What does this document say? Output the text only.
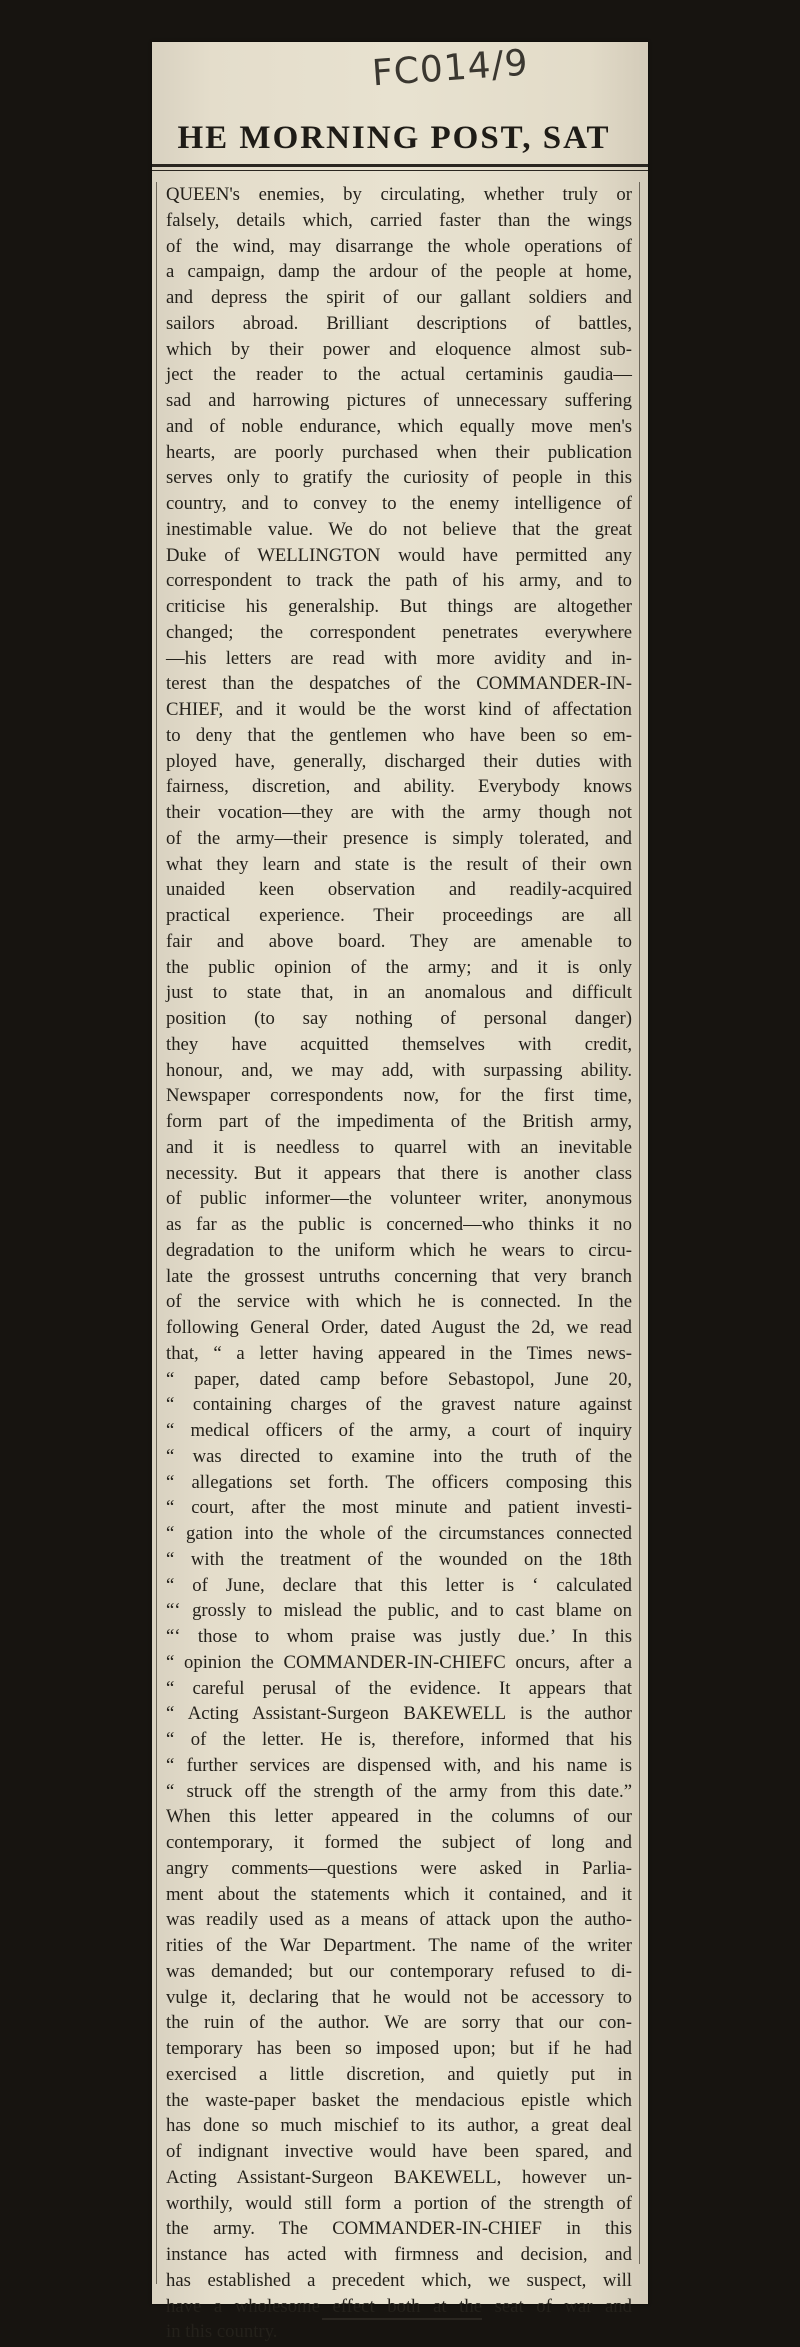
FC014/9
HE MORNING POST, SAT
QUEEN's enemies, by circulating, whether truly or
falsely, details which, carried faster than the wings
of the wind, may disarrange the whole operations of
a campaign, damp the ardour of the people at home,
and depress the spirit of our gallant soldiers and
sailors abroad. Brilliant descriptions of battles,
which by their power and eloquence almost sub-
ject the reader to the actual certaminis gaudia—
sad and harrowing pictures of unnecessary suffering
and of noble endurance, which equally move men's
hearts, are poorly purchased when their publication
serves only to gratify the curiosity of people in this
country, and to convey to the enemy intelligence of
inestimable value. We do not believe that the great
Duke of WELLINGTON would have permitted any
correspondent to track the path of his army, and to
criticise his generalship. But things are altogether
changed; the correspondent penetrates everywhere
—his letters are read with more avidity and in-
terest than the despatches of the COMMANDER-IN-
CHIEF, and it would be the worst kind of affectation
to deny that the gentlemen who have been so em-
ployed have, generally, discharged their duties with
fairness, discretion, and ability. Everybody knows
their vocation—they are with the army though not
of the army—their presence is simply tolerated, and
what they learn and state is the result of their own
unaided keen observation and readily-acquired
practical experience. Their proceedings are all
fair and above board. They are amenable to
the public opinion of the army; and it is only
just to state that, in an anomalous and difficult
position (to say nothing of personal danger)
they have acquitted themselves with credit,
honour, and, we may add, with surpassing ability.
Newspaper correspondents now, for the first time,
form part of the impedimenta of the British army,
and it is needless to quarrel with an inevitable
necessity. But it appears that there is another class
of public informer—the volunteer writer, anonymous
as far as the public is concerned—who thinks it no
degradation to the uniform which he wears to circu-
late the grossest untruths concerning that very branch
of the service with which he is connected. In the
following General Order, dated August the 2d, we read
that, “ a letter having appeared in the Times news-
“ paper, dated camp before Sebastopol, June 20,
“ containing charges of the gravest nature against
“ medical officers of the army, a court of inquiry
“ was directed to examine into the truth of the
“ allegations set forth. The officers composing this
“ court, after the most minute and patient investi-
“ gation into the whole of the circumstances connected
“ with the treatment of the wounded on the 18th
“ of June, declare that this letter is ‘ calculated
“‘ grossly to mislead the public, and to cast blame on
“‘ those to whom praise was justly due.’ In this
“ opinion the COMMANDER-IN-CHIEFC oncurs, after a
“ careful perusal of the evidence. It appears that
“ Acting Assistant-Surgeon BAKEWELL is the author
“ of the letter. He is, therefore, informed that his
“ further services are dispensed with, and his name is
“ struck off the strength of the army from this date.”
When this letter appeared in the columns of our
contemporary, it formed the subject of long and
angry comments—questions were asked in Parlia-
ment about the statements which it contained, and it
was readily used as a means of attack upon the autho-
rities of the War Department. The name of the writer
was demanded; but our contemporary refused to di-
vulge it, declaring that he would not be accessory to
the ruin of the author. We are sorry that our con-
temporary has been so imposed upon; but if he had
exercised a little discretion, and quietly put in
the waste-paper basket the mendacious epistle which
has done so much mischief to its author, a great deal
of indignant invective would have been spared, and
Acting Assistant-Surgeon BAKEWELL, however un-
worthily, would still form a portion of the strength of
the army. The COMMANDER-IN-CHIEF in this
instance has acted with firmness and decision, and
has established a precedent which, we suspect, will
have a wholesome effect both at the seat of war and
in this country.
